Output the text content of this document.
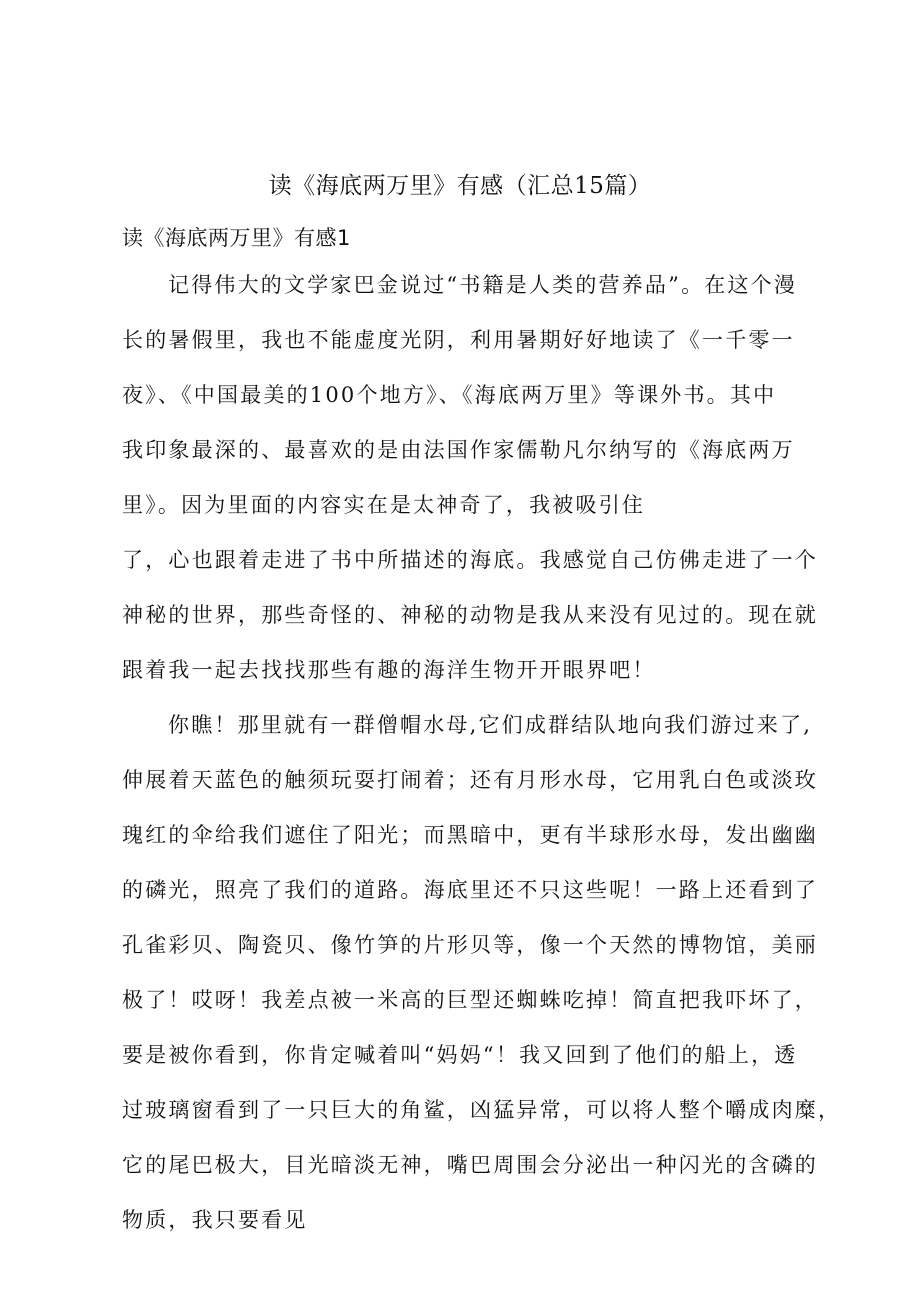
读《海底两万里》有感（汇总15篇）
读《海底两万里》有感1
记得伟大的文学家巴金说过“书籍是人类的营养品”。在这个漫
长的暑假里，我也不能虚度光阴，利用暑期好好地读了《一千零一
夜》、《中国最美的100个地方》、《海底两万里》等课外书。其中
我印象最深的、最喜欢的是由法国作家儒勒凡尔纳写的《海底两万
里》。因为里面的内容实在是太神奇了，我被吸引住
了，心也跟着走进了书中所描述的海底。我感觉自己仿佛走进了一个
神秘的世界，那些奇怪的、神秘的动物是我从来没有见过的。现在就
跟着我一起去找找那些有趣的海洋生物开开眼界吧！
你瞧！那里就有一群僧帽水母,它们成群结队地向我们游过来了,
伸展着天蓝色的触须玩耍打闹着；还有月形水母，它用乳白色或淡玫
瑰红的伞给我们遮住了阳光；而黑暗中，更有半球形水母，发出幽幽
的磷光，照亮了我们的道路。海底里还不只这些呢！一路上还看到了
孔雀彩贝、陶瓷贝、像竹笋的片形贝等，像一个天然的博物馆，美丽
极了！哎呀！我差点被一米高的巨型还蜘蛛吃掉！简直把我吓坏了，
要是被你看到，你肯定喊着叫“妈妈“！我又回到了他们的船上，透
过玻璃窗看到了一只巨大的角鲨，凶猛异常，可以将人整个嚼成肉糜，
它的尾巴极大，目光暗淡无神，嘴巴周围会分泌出一种闪光的含磷的
物质，我只要看见
